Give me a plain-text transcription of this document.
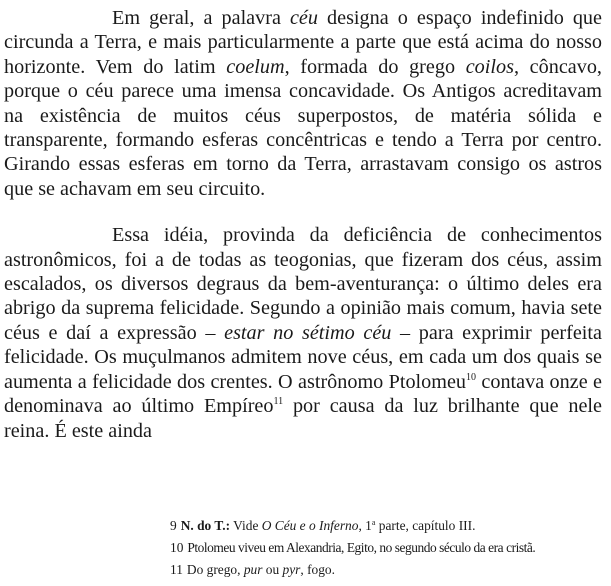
Em geral, a palavra céu designa o espaço indefinido que circunda a Terra, e mais particularmente a parte que está acima do nosso horizonte. Vem do latim coelum, formada do grego coilos, côncavo, porque o céu parece uma imensa concavidade. Os Antigos acreditavam na existência de muitos céus superpostos, de matéria sólida e transparente, formando esferas concêntricas e tendo a Terra por centro. Girando essas esferas em torno da Terra, arrastavam consigo os astros que se achavam em seu circuito.

Essa idéia, provinda da deficiência de conhecimentos astronômicos, foi a de todas as teogonias, que fizeram dos céus, assim escalados, os diversos degraus da bem-aventurança: o último deles era abrigo da suprema felicidade. Segundo a opinião mais comum, havia sete céus e daí a expressão – estar no sétimo céu – para exprimir perfeita felicidade. Os muçulmanos admitem nove céus, em cada um dos quais se aumenta a felicidade dos crentes. O astrônomo Ptolomeu$^{10}$ contava onze e denominava ao último Empíreo$^{11}$ por causa da luz brilhante que nele reina. É este ainda

9 N. do T.: Vide O Céu e o Inferno, 1$^a$ parte, capítulo III.

10 Ptolomeu viveu em Alexandria, Egito, no segundo século da era cristã.

11 Do grego, pur ou pyr, fogo.
